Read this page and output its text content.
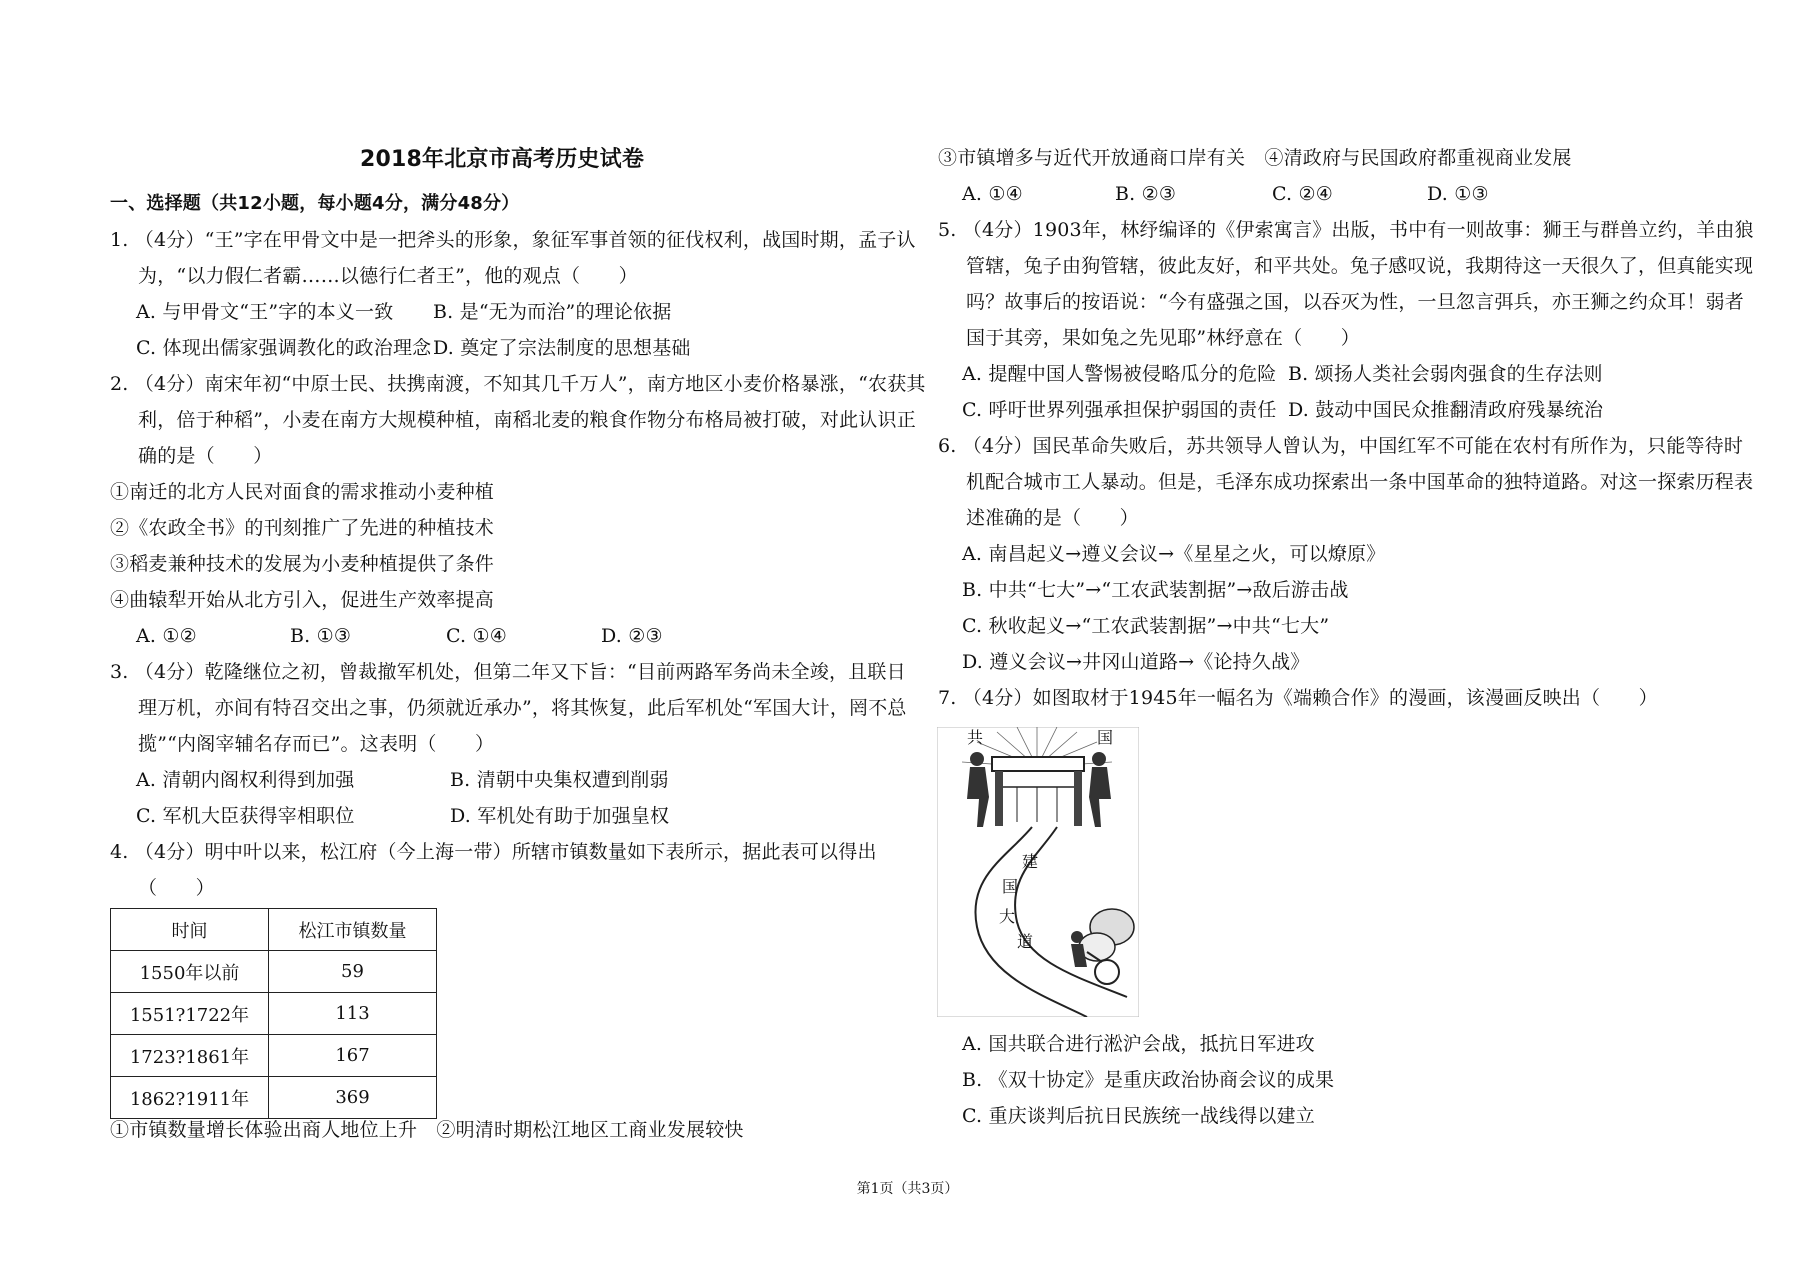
2018年北京市高考历史试卷
一、选择题（共12小题，每小题4分，满分48分）
1. （4分）“王”字在甲骨文中是一把斧头的形象，象征军事首领的征伐权利，战国时期，孟子认
为，“以力假仁者霸……以德行仁者王”，他的观点（　　）
A. 与甲骨文“王”字的本义一致 B. 是“无为而治”的理论依据
C. 体现出儒家强调教化的政治理念 D. 奠定了宗法制度的思想基础
2. （4分）南宋年初“中原士民、扶携南渡，不知其几千万人”，南方地区小麦价格暴涨，“农获其
利，倍于种稻”，小麦在南方大规模种植，南稻北麦的粮食作物分布格局被打破，对此认识正
确的是（　　）
①南迁的北方人民对面食的需求推动小麦种植
②《农政全书》的刊刻推广了先进的种植技术
③稻麦兼种技术的发展为小麦种植提供了条件
④曲辕犁开始从北方引入，促进生产效率提高
A. ①②	B. ①③	C. ①④	D. ②③
3. （4分）乾隆继位之初，曾裁撤军机处，但第二年又下旨：“目前两路军务尚未全竣，且联日
理万机，亦间有特召交出之事，仍须就近承办”，将其恢复，此后军机处“军国大计，罔不总
揽”“内阁宰辅名存而已”。这表明（　　）
A. 清朝内阁权利得到加强	B. 清朝中央集权遭到削弱
C. 军机大臣获得宰相职位	D. 军机处有助于加强皇权
4. （4分）明中叶以来，松江府（今上海一带）所辖市镇数量如下表所示，据此表可以得出
（　　）
时间	松江市镇数量
1550年以前	59
1551?1722年	113
1723?1861年	167
1862?1911年	369
①市镇数量增长体验出商人地位上升　②明清时期松江地区工商业发展较快
③市镇增多与近代开放通商口岸有关　④清政府与民国政府都重视商业发展
A. ①④	B. ②③	C. ②④	D. ①③
5. （4分）1903年，林纾编译的《伊索寓言》出版，书中有一则故事：狮王与群兽立约，羊由狼
管辖，兔子由狗管辖，彼此友好，和平共处。兔子感叹说，我期待这一天很久了，但真能实现
吗？故事后的按语说：“今有盛强之国，以吞灭为性，一旦忽言弭兵，亦王狮之约众耳！弱者
国于其旁，果如兔之先见耶”林纾意在（　　）
A. 提醒中国人警惕被侵略瓜分的危险 B. 颂扬人类社会弱肉强食的生存法则
C. 呼吁世界列强承担保护弱国的责任 D. 鼓动中国民众推翻清政府残暴统治
6. （4分）国民革命失败后，苏共领导人曾认为，中国红军不可能在农村有所作为，只能等待时
机配合城市工人暴动。但是，毛泽东成功探索出一条中国革命的独特道路。对这一探索历程表
述准确的是（　　）
A. 南昌起义→遵义会议→《星星之火，可以燎原》
B. 中共“七大”→“工农武装割据”→敌后游击战
C. 秋收起义→“工农武装割据”→中共“七大”
D. 遵义会议→井冈山道路→《论持久战》
7. （4分）如图取材于1945年一幅名为《端赖合作》的漫画，该漫画反映出（　　）
共	国
建
国
大
道
A. 国共联合进行淞沪会战，抵抗日军进攻
B. 《双十协定》是重庆政治协商会议的成果
C. 重庆谈判后抗日民族统一战线得以建立
第1页（共3页）
